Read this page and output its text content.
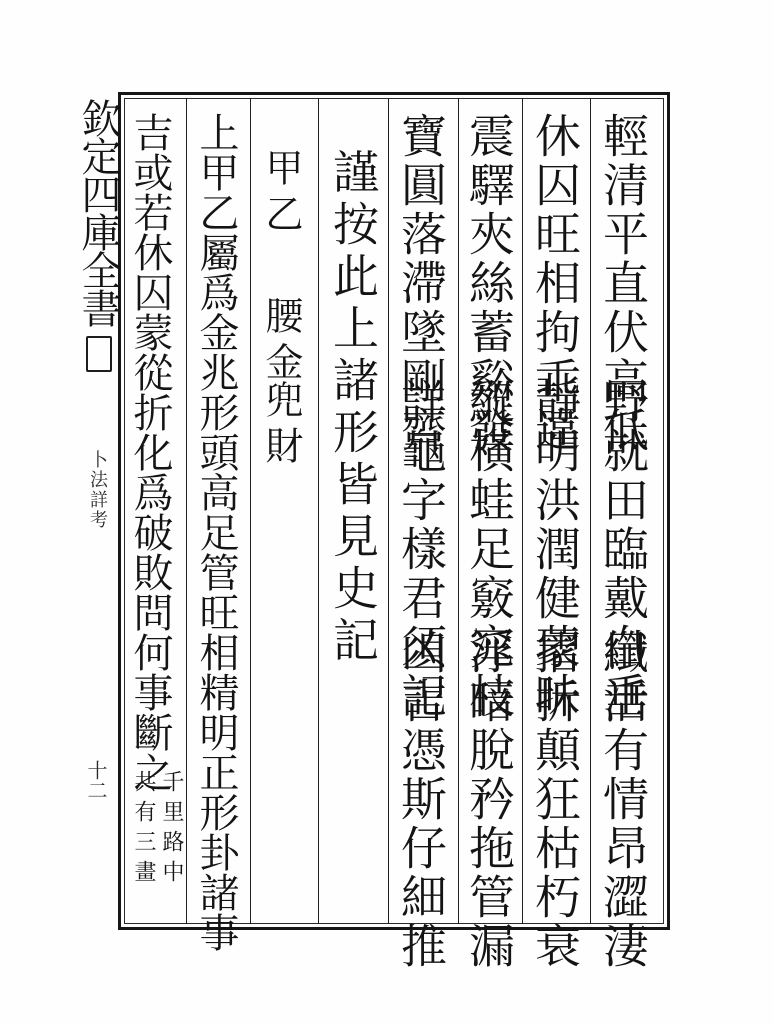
欽定四庫全書
卜法詳考
十二
輕清平直伏高低
野就田臨戴白垂
纖活有情昂澀淒
休囚旺相拘乖違
靜明洪潤健蒙昧
摺折顛狂枯朽衰
震驛夾絲蓄谿發
縱橫蛙足竅窕枝
浮暗脫矜拖管漏
寶圓落滯墜剛齊
詳龜字樣君須記
凶吉憑斯仔細推
謹按此上諸形皆見史記
甲乙
腰金
兜財
上甲乙屬爲金兆形頭高足管旺相精明正形卦諸事
吉或若休囚蒙從折化爲破敗問何事斷之
千里路中
共有三畫
